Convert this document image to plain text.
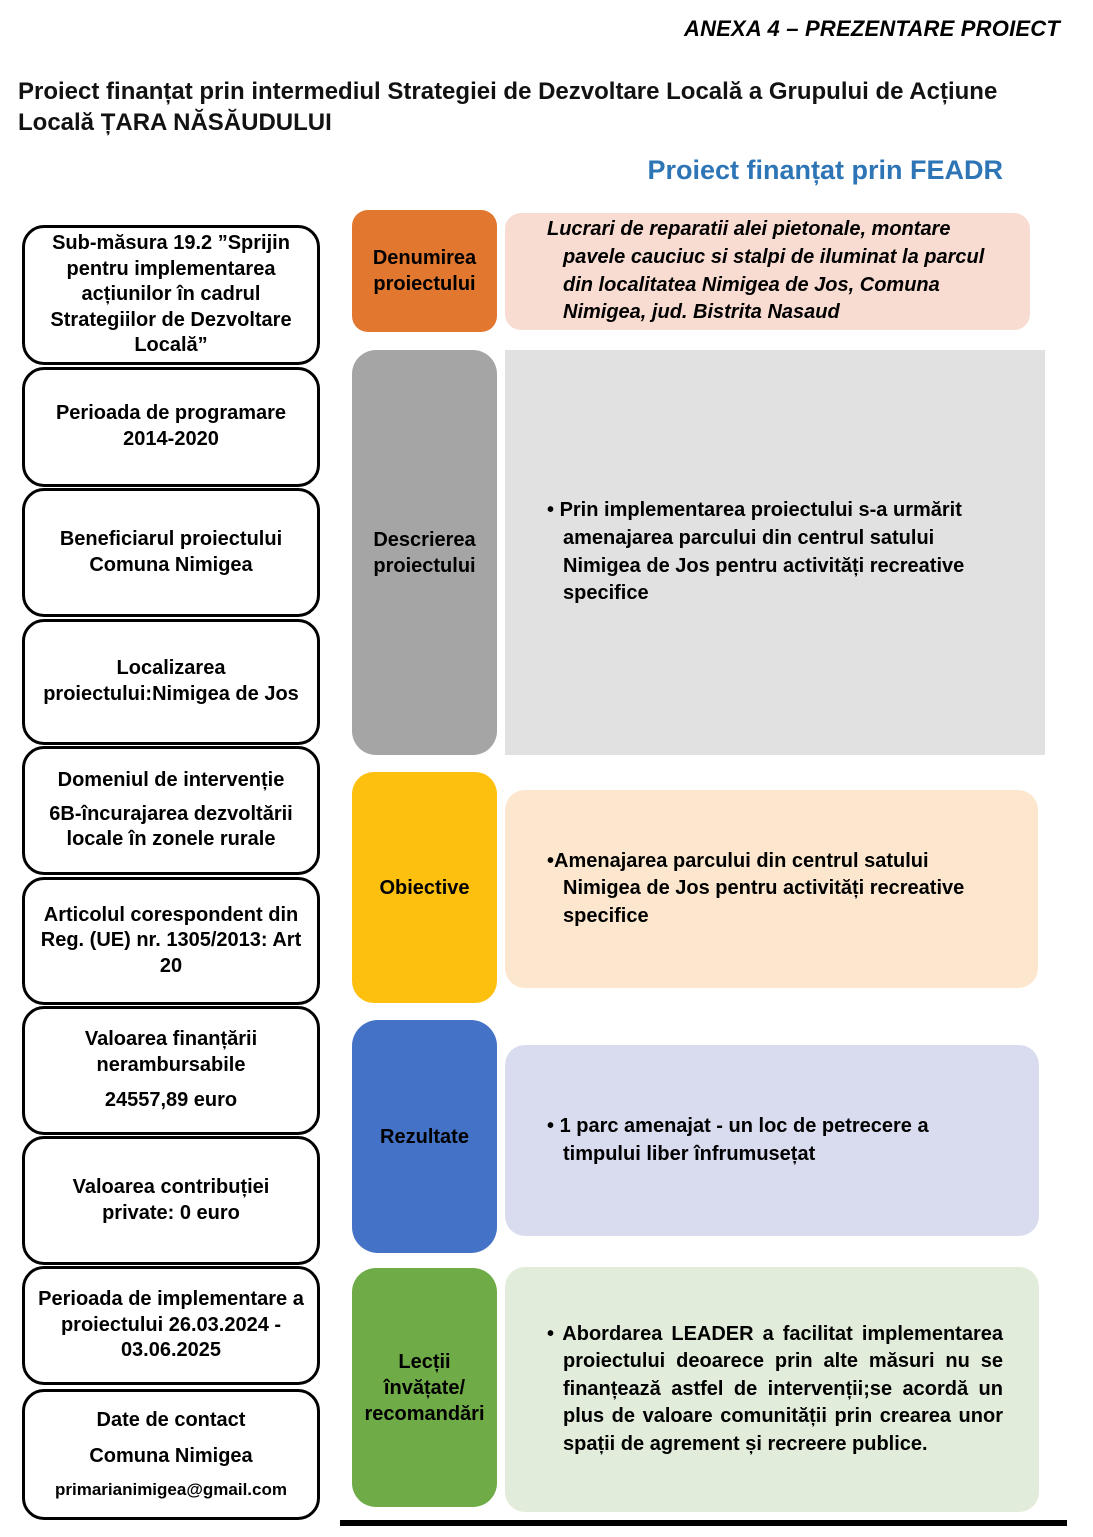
ANEXA 4 – PREZENTARE PROIECT
Proiect finanțat prin intermediul Strategiei de Dezvoltare Locală a Grupului de Acțiune Locală ȚARA NĂSĂUDULUI
Proiect finanțat prin FEADR

Sub-măsura 19.2 ”Sprijin pentru implementarea acțiunilor în cadrul Strategiilor de Dezvoltare Locală”

Perioada de programare 2014-2020

Beneficiarul proiectului Comuna Nimigea

Localizarea proiectului:Nimigea de Jos

Domeniul de intervenție

6B-încurajarea dezvoltării locale în zonele rurale

Articolul corespondent din Reg. (UE) nr. 1305/2013: Art 20

Valoarea finanțării nerambursabile

24557,89 euro

Valoarea contribuției private: 0 euro

Perioada de implementare a proiectului 26.03.2024 - 03.06.2025

Date de contact

Comuna Nimigea

primarianimigea@gmail.com

Denumirea proiectului

Lucrari de reparatii alei pietonale, montare pavele cauciuc si stalpi de iluminat la parcul din localitatea Nimigea de Jos, Comuna Nimigea, jud. Bistrita Nasaud

Descrierea proiectului

• Prin implementarea proiectului s-a urmărit amenajarea parcului din centrul satului Nimigea de Jos pentru activități recreative specifice

Obiective

•Amenajarea parcului din centrul satului Nimigea de Jos pentru activități recreative specifice

Rezultate	• 1 parc amenajat - un loc de petrecere a timpului liber înfrumusețat

Lecții învățate/ recomandări

• Abordarea LEADER a facilitat implementarea proiectului deoarece prin alte măsuri nu se finanțează astfel de intervenții;se acordă un plus de valoare comunității prin crearea unor spații de agrement și recreere publice.
